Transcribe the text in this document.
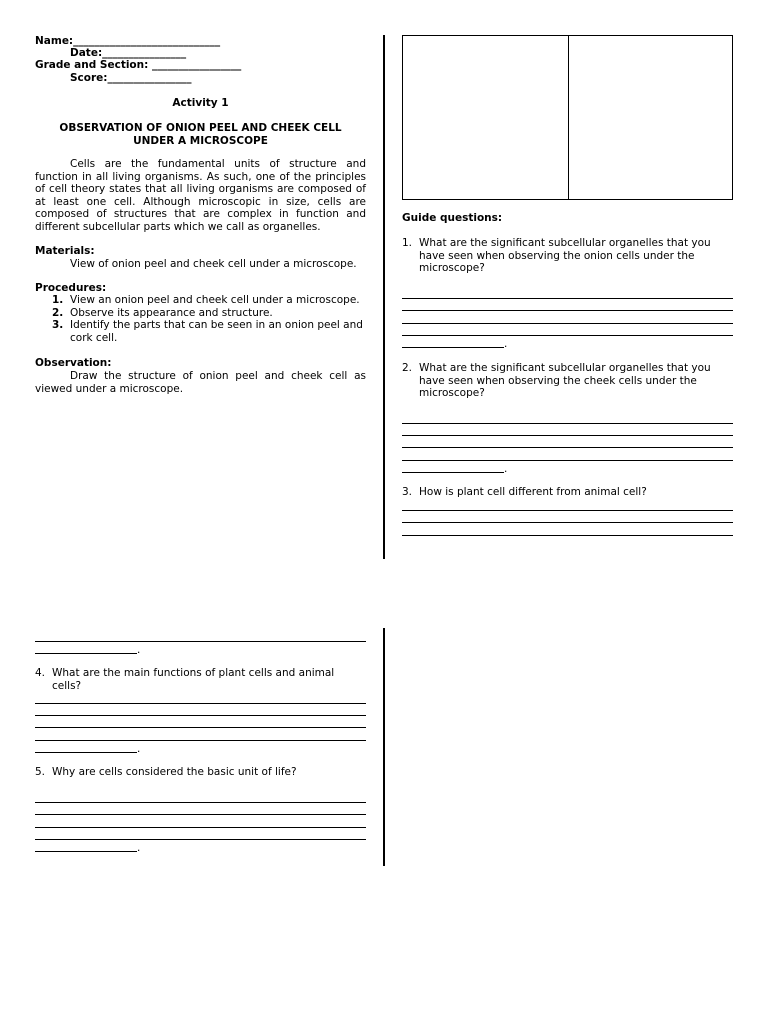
Name:____________________________
Date:________________
Grade and Section: _________________
Score:________________
Activity 1
OBSERVATION OF ONION PEEL AND CHEEK CELL
UNDER A MICROSCOPE

Cells are the fundamental units of structure and function in all living organisms. As such, one of the principles of cell theory states that all living organisms are composed of at least one cell. Although microscopic in size, cells are composed of structures that are complex in function and different subcellular parts which we call as organelles.

Materials:
View of onion peel and cheek cell under a microscope.
Procedures:
1. View an onion peel and cheek cell under a microscope.
2. Observe its appearance and structure.
3. Identify the parts that can be seen in an onion peel and cork cell.
Observation:

Draw the structure of onion peel and cheek cell as viewed under a microscope.

Guide questions:
1. What are the significant subcellular organelles that you have seen when observing the onion cells under the microscope?
.
2. What are the significant subcellular organelles that you have seen when observing the cheek cells under the microscope?
.
3. How is plant cell different from animal cell?
.
4. What are the main functions of plant cells and animal cells?
.
5. Why are cells considered the basic unit of life?
.
